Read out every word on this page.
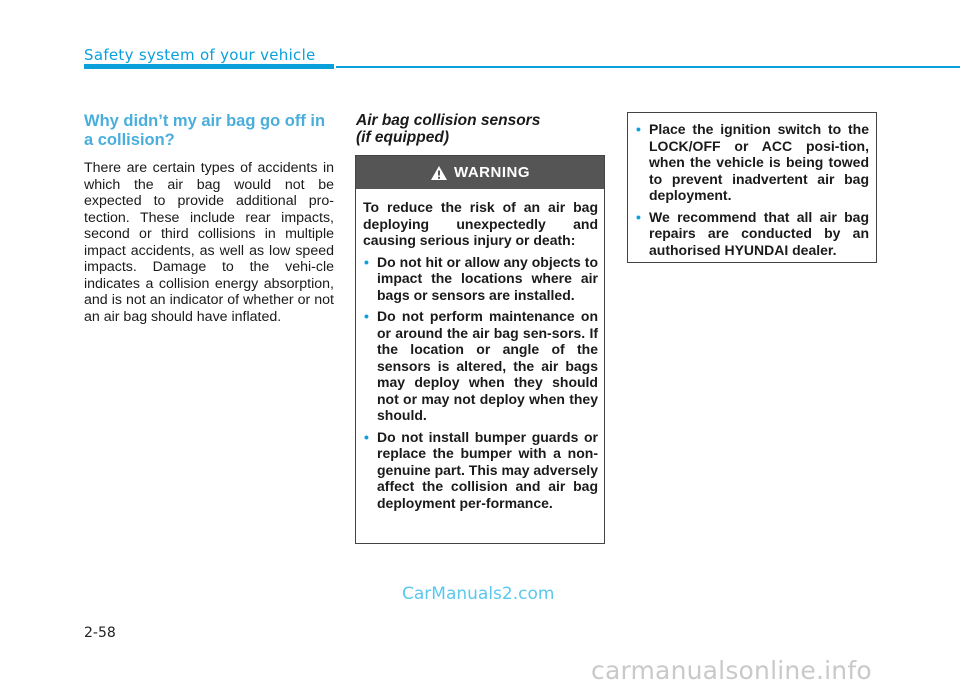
Safety system of your vehicle
Why didn’t my air bag go off in a collision?

There are certain types of accidents in which the air bag would not be expected to provide additional pro-tection. These include rear impacts, second or third collisions in multiple impact accidents, as well as low speed impacts. Damage to the vehi-cle indicates a collision energy absorption, and is not an indicator of whether or not an air bag should have inflated.

Air bag collision sensors
(if equipped)
WARNING

To reduce the risk of an air bag deploying unexpectedly and causing serious injury or death:

• Do not hit or allow any objects to impact the locations where air bags or sensors are installed.
• Do not perform maintenance on or around the air bag sen-sors. If the location or angle of the sensors is altered, the air bags may deploy when they should not or may not deploy when they should.
• Do not install bumper guards or replace the bumper with a non-genuine part. This may adversely affect the collision and air bag deployment per-formance.
• Place the ignition switch to the LOCK/OFF or ACC posi-tion, when the vehicle is being towed to prevent inadvertent air bag deployment.
• We recommend that all air bag repairs are conducted by an authorised HYUNDAI dealer.
CarManuals2.com
2-58
carmanualsonline.info
